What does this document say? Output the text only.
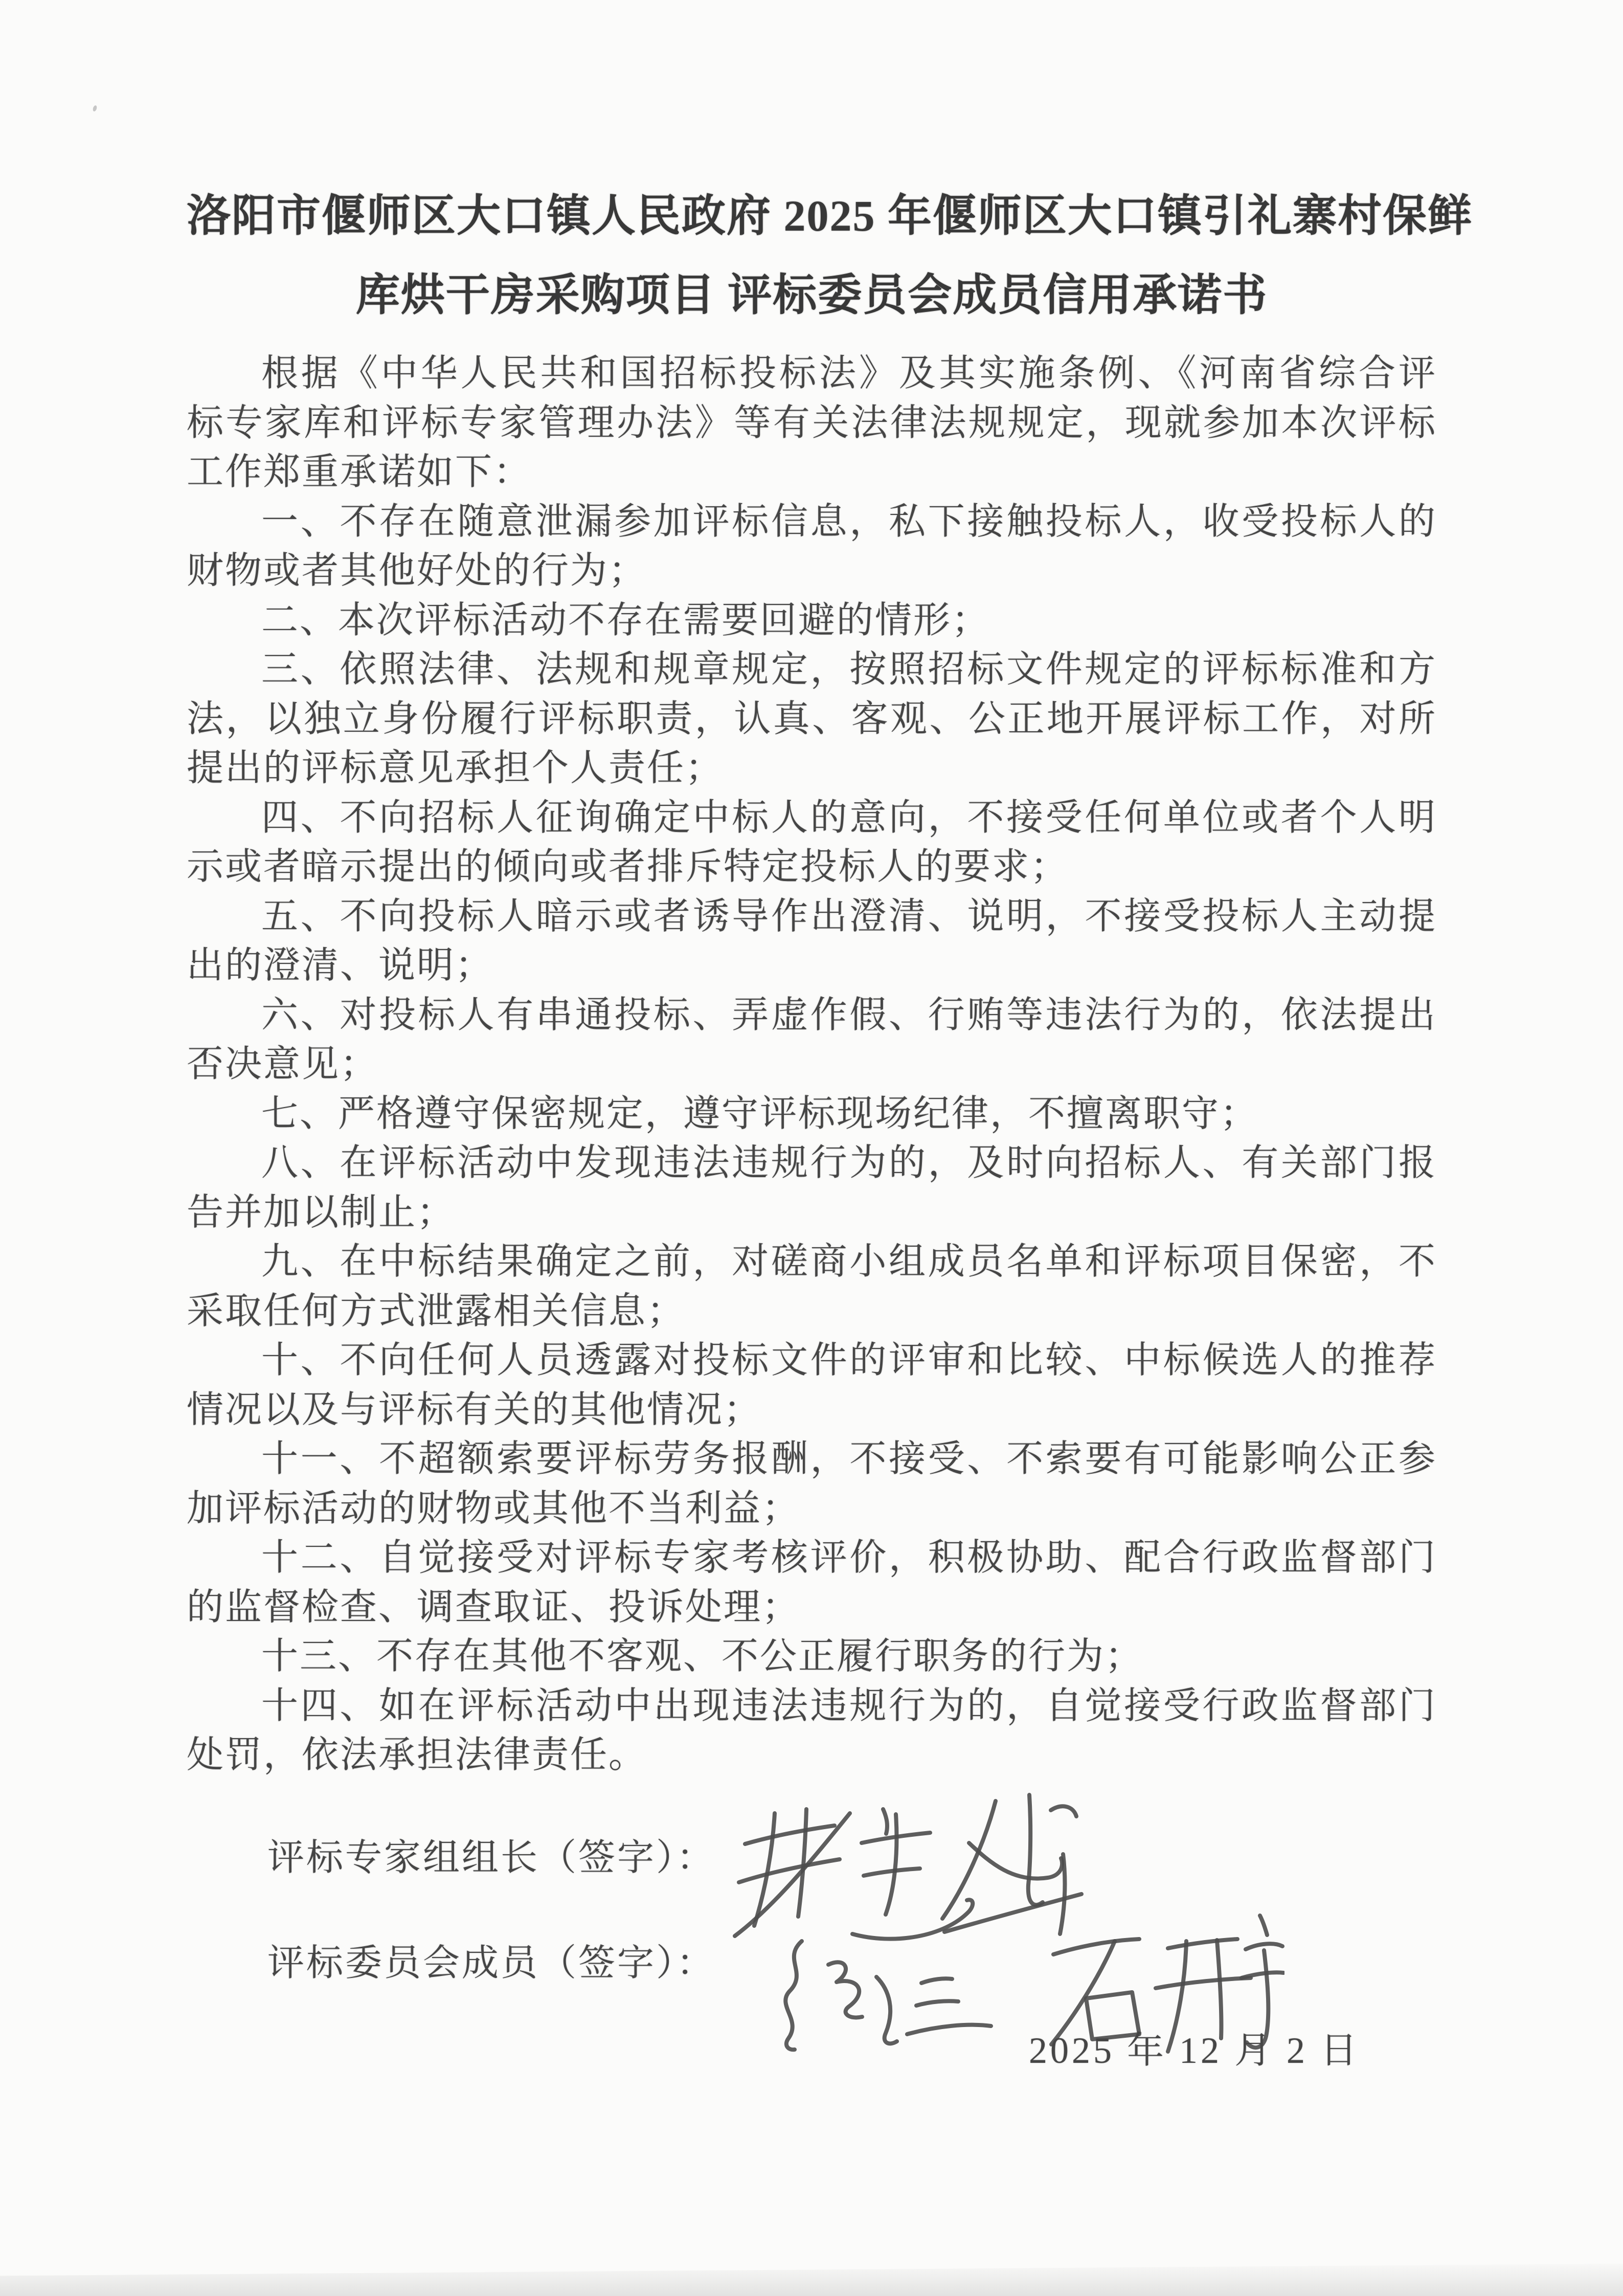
洛阳市偃师区大口镇人民政府 2025 年偃师区大口镇引礼寨村保鲜
库烘干房采购项目 评标委员会成员信用承诺书
根据《中华人民共和国招标投标法》及其实施条例、《河南省综合评
标专家库和评标专家管理办法》等有关法律法规规定，现就参加本次评标
工作郑重承诺如下：
一、不存在随意泄漏参加评标信息，私下接触投标人，收受投标人的
财物或者其他好处的行为；
二、本次评标活动不存在需要回避的情形；
三、依照法律、法规和规章规定，按照招标文件规定的评标标准和方
法，以独立身份履行评标职责，认真、客观、公正地开展评标工作，对所
提出的评标意见承担个人责任；
四、不向招标人征询确定中标人的意向，不接受任何单位或者个人明
示或者暗示提出的倾向或者排斥特定投标人的要求；
五、不向投标人暗示或者诱导作出澄清、说明，不接受投标人主动提
出的澄清、说明；
六、对投标人有串通投标、弄虚作假、行贿等违法行为的，依法提出
否决意见；
七、严格遵守保密规定，遵守评标现场纪律，不擅离职守；
八、在评标活动中发现违法违规行为的，及时向招标人、有关部门报
告并加以制止；
九、在中标结果确定之前，对磋商小组成员名单和评标项目保密，不
采取任何方式泄露相关信息；
十、不向任何人员透露对投标文件的评审和比较、中标候选人的推荐
情况以及与评标有关的其他情况；
十一、不超额索要评标劳务报酬，不接受、不索要有可能影响公正参
加评标活动的财物或其他不当利益；
十二、自觉接受对评标专家考核评价，积极协助、配合行政监督部门
的监督检查、调查取证、投诉处理；
十三、不存在其他不客观、不公正履行职务的行为；
十四、如在评标活动中出现违法违规行为的，自觉接受行政监督部门
处罚，依法承担法律责任。
评标专家组组长（签字）：
评标委员会成员（签字）：
2025 年 12 月 2 日
